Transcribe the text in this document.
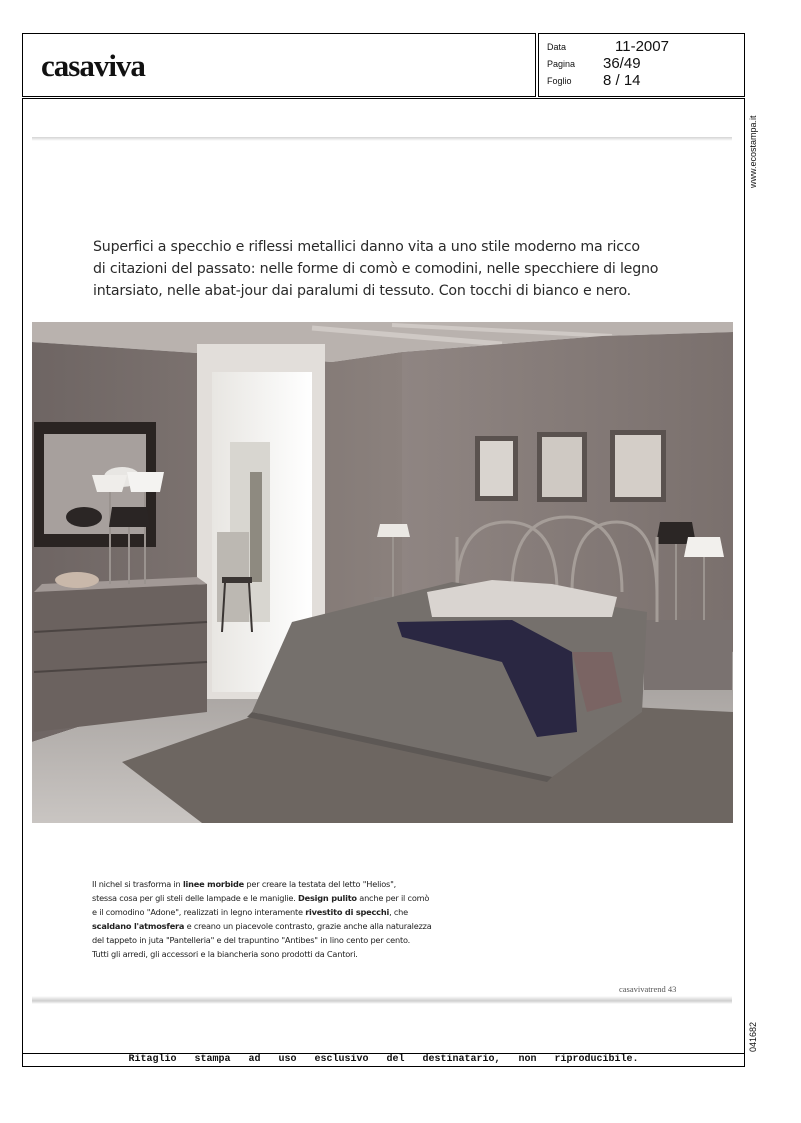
casaviva
Data	11-2007
Pagina 36/49
Foglio 8 / 14
www.ecostampa.it
041682
Superfici a specchio e riflessi metallici danno vita a uno stile moderno ma ricco
di citazioni del passato: nelle forme di comò e comodini, nelle specchiere di legno
intarsiato, nelle abat-jour dai paralumi di tessuto. Con tocchi di bianco e nero.
Il nichel si trasforma in linee morbide per creare la testata del letto "Helios",
stessa cosa per gli steli delle lampade e le maniglie. Design pulito anche per il comò
e il comodino "Adone", realizzati in legno interamente rivestito di specchi, che
scaldano l'atmosfera e creano un piacevole contrasto, grazie anche alla naturalezza
del tappeto in juta "Pantelleria" e del trapuntino "Antibes" in lino cento per cento.
Tutti gli arredi, gli accessori e la biancheria sono prodotti da Cantori.
casavivatrend 43
Ritaglio stampa ad uso esclusivo del destinatario, non riproducibile.
